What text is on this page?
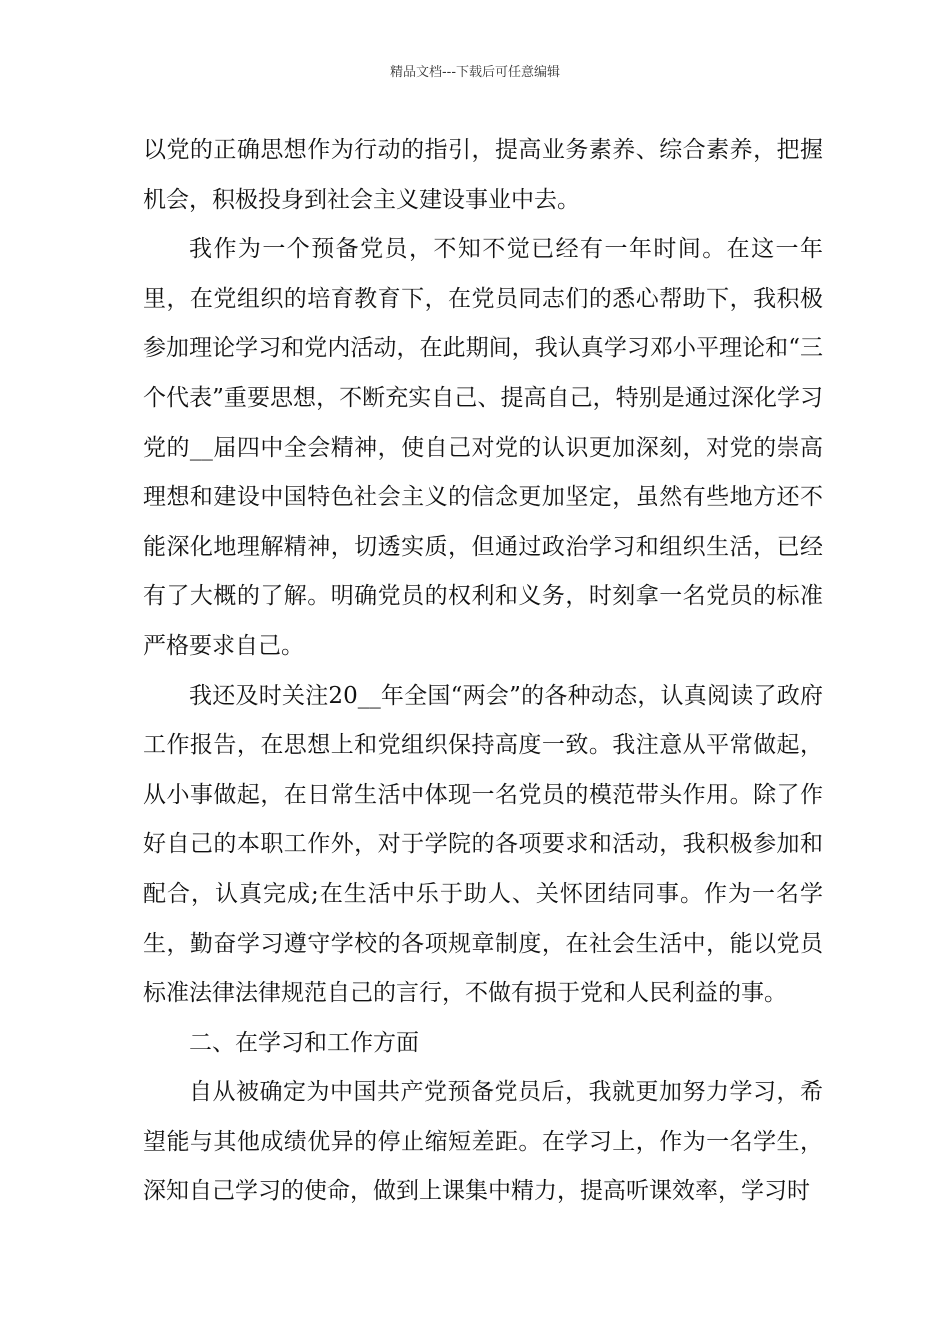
精品文档---下载后可任意编辑

以党的正确思想作为行动的指引，提高业务素养、综合素养，把握机会，积极投身到社会主义建设事业中去。

我作为一个预备党员，不知不觉已经有一年时间。在这一年里，在党组织的培育教育下，在党员同志们的悉心帮助下，我积极参加理论学习和党内活动，在此期间，我认真学习邓小平理论和“三个代表”重要思想，不断充实自己、提高自己，特别是通过深化学习党的__届四中全会精神，使自己对党的认识更加深刻，对党的崇高理想和建设中国特色社会主义的信念更加坚定，虽然有些地方还不能深化地理解精神，切透实质，但通过政治学习和组织生活，已经有了大概的了解。明确党员的权利和义务，时刻拿一名党员的标准严格要求自己。

我还及时关注20__年全国“两会”的各种动态，认真阅读了政府工作报告，在思想上和党组织保持高度一致。我注意从平常做起，从小事做起，在日常生活中体现一名党员的模范带头作用。除了作好自己的本职工作外，对于学院的各项要求和活动，我积极参加和配合，认真完成;在生活中乐于助人、关怀团结同事。作为一名学生，勤奋学习遵守学校的各项规章制度，在社会生活中，能以党员标准法律法律规范自己的言行，不做有损于党和人民利益的事。

二、在学习和工作方面

自从被确定为中国共产党预备党员后，我就更加努力学习，希望能与其他成绩优异的停止缩短差距。在学习上，作为一名学生，深知自己学习的使命，做到上课集中精力，提高听课效率，学习时
